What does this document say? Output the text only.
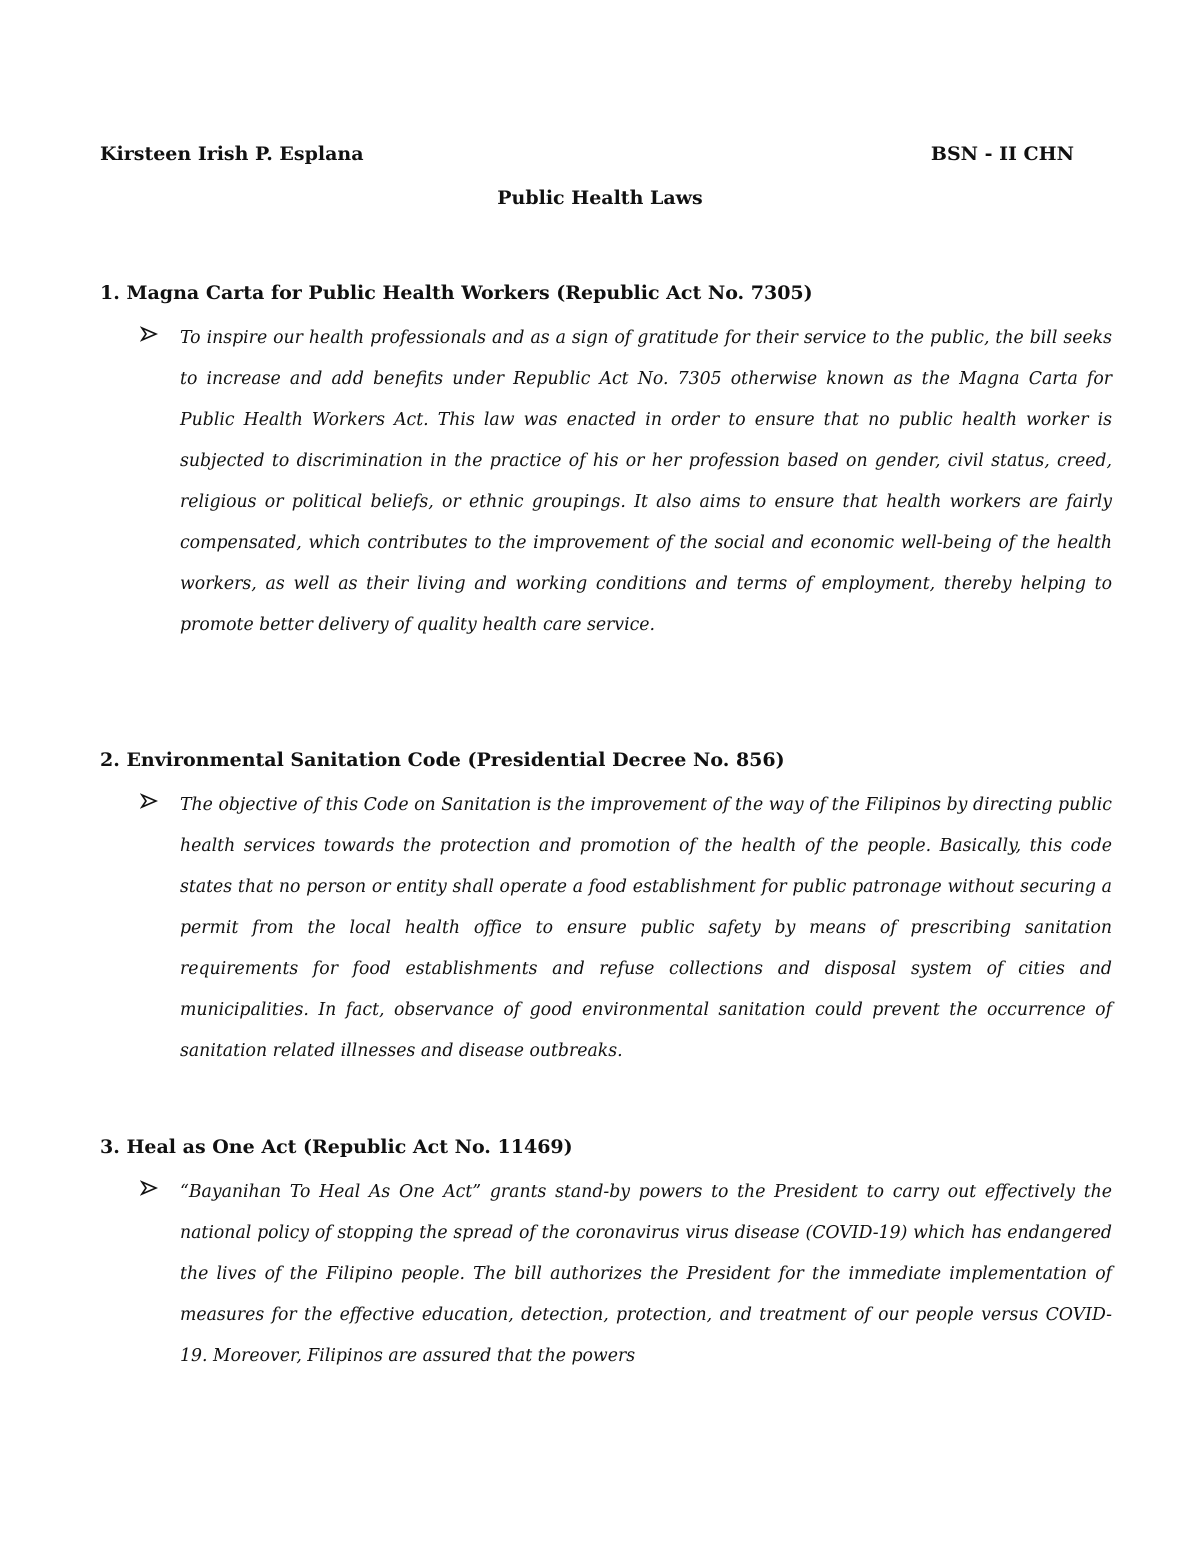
Kirsteen Irish P. Esplana	BSN - II CHN
Public Health Laws

1. Magna Carta for Public Health Workers (Republic Act No. 7305)

To inspire our health professionals and as a sign of gratitude for their service to the public, the bill seeks to increase and add benefits under Republic Act No. 7305 otherwise known as the Magna Carta for Public Health Workers Act. This law was enacted in order to ensure that no public health worker is subjected to discrimination in the practice of his or her profession based on gender, civil status, creed, religious or political beliefs, or ethnic groupings. It also aims to ensure that health workers are fairly compensated, which contributes to the improvement of the social and economic well-being of the health workers, as well as their living and working conditions and terms of employment, thereby helping to promote better delivery of quality health care service.

2. Environmental Sanitation Code (Presidential Decree No. 856)

The objective of this Code on Sanitation is the improvement of the way of the Filipinos by directing public health services towards the protection and promotion of the health of the people. Basically, this code states that no person or entity shall operate a food establishment for public patronage without securing a permit from the local health office to ensure public safety by means of prescribing sanitation requirements for food establishments and refuse collections and disposal system of cities and municipalities. In fact, observance of good environmental sanitation could prevent the occurrence of sanitation related illnesses and disease outbreaks.

3. Heal as One Act (Republic Act No. 11469)

“Bayanihan To Heal As One Act” grants stand-by powers to the President to carry out effectively the national policy of stopping the spread of the coronavirus virus disease (COVID-19) which has endangered the lives of the Filipino people. The bill authorizes the President for the immediate implementation of measures for the effective education, detection, protection, and treatment of our people versus COVID-19. Moreover, Filipinos are assured that the powers
